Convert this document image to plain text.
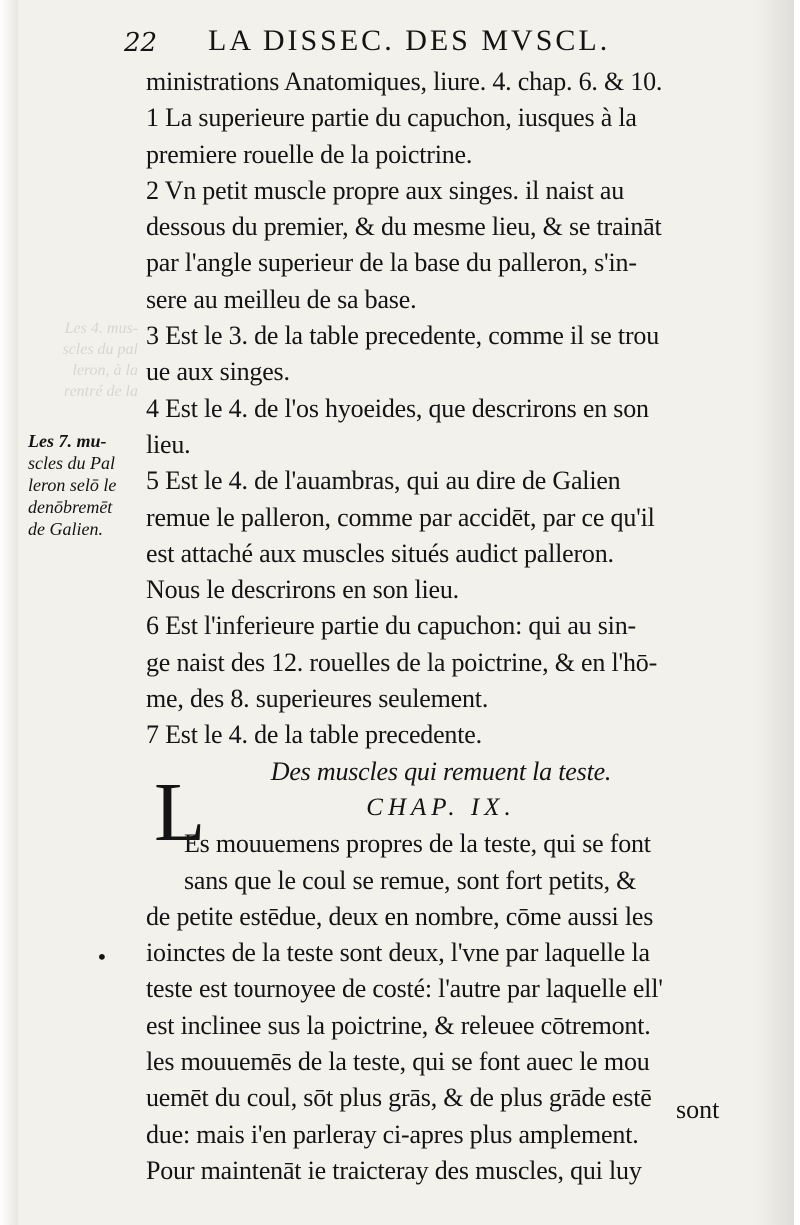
Les 4. mus-
scles du pal
leron, à la
rentré de la
22 LA DISSEC. DES MVSCL.
Les 7. mu-
scles du Pal
leron selō le
denōbremēt
de Galien.
ministrations Anatomiques, liure. 4. chap. 6. & 10.
1 La superieure partie du capuchon, iusques à la
premiere rouelle de la poictrine.
2 Vn petit muscle propre aux singes. il naist au
dessous du premier, & du mesme lieu, & se traināt
par l'angle superieur de la base du palleron, s'in-
sere au meilleu de sa base.
3 Est le 3. de la table precedente, comme il se trou
ue aux singes.
4 Est le 4. de l'os hyoeides, que descrirons en son
lieu.
5 Est le 4. de l'auambras, qui au dire de Galien
remue le palleron, comme par accidēt, par ce qu'il
est attaché aux muscles situés audict palleron.
Nous le descrirons en son lieu.
6 Est l'inferieure partie du capuchon: qui au sin-
ge naist des 12. rouelles de la poictrine, & en l'hō-
me, des 8. superieures seulement.
7 Est le 4. de la table precedente.
Des muscles qui remuent la teste.
CHAP. IX.
Es mouuemens propres de la teste, qui se font
sans que le coul se remue, sont fort petits, &
de petite estēdue, deux en nombre, cōme aussi les
ioinctes de la teste sont deux, l'vne par laquelle la
teste est tournoyee de costé: l'autre par laquelle ell'
est inclinee sus la poictrine, & releuee cōtremont.
les mouuemēs de la teste, qui se font auec le mou
uemēt du coul, sōt plus grās, & de plus grāde estē
due: mais i'en parleray ci-apres plus amplement.
Pour maintenāt ie traicteray des muscles, qui luy
L
•
sont
